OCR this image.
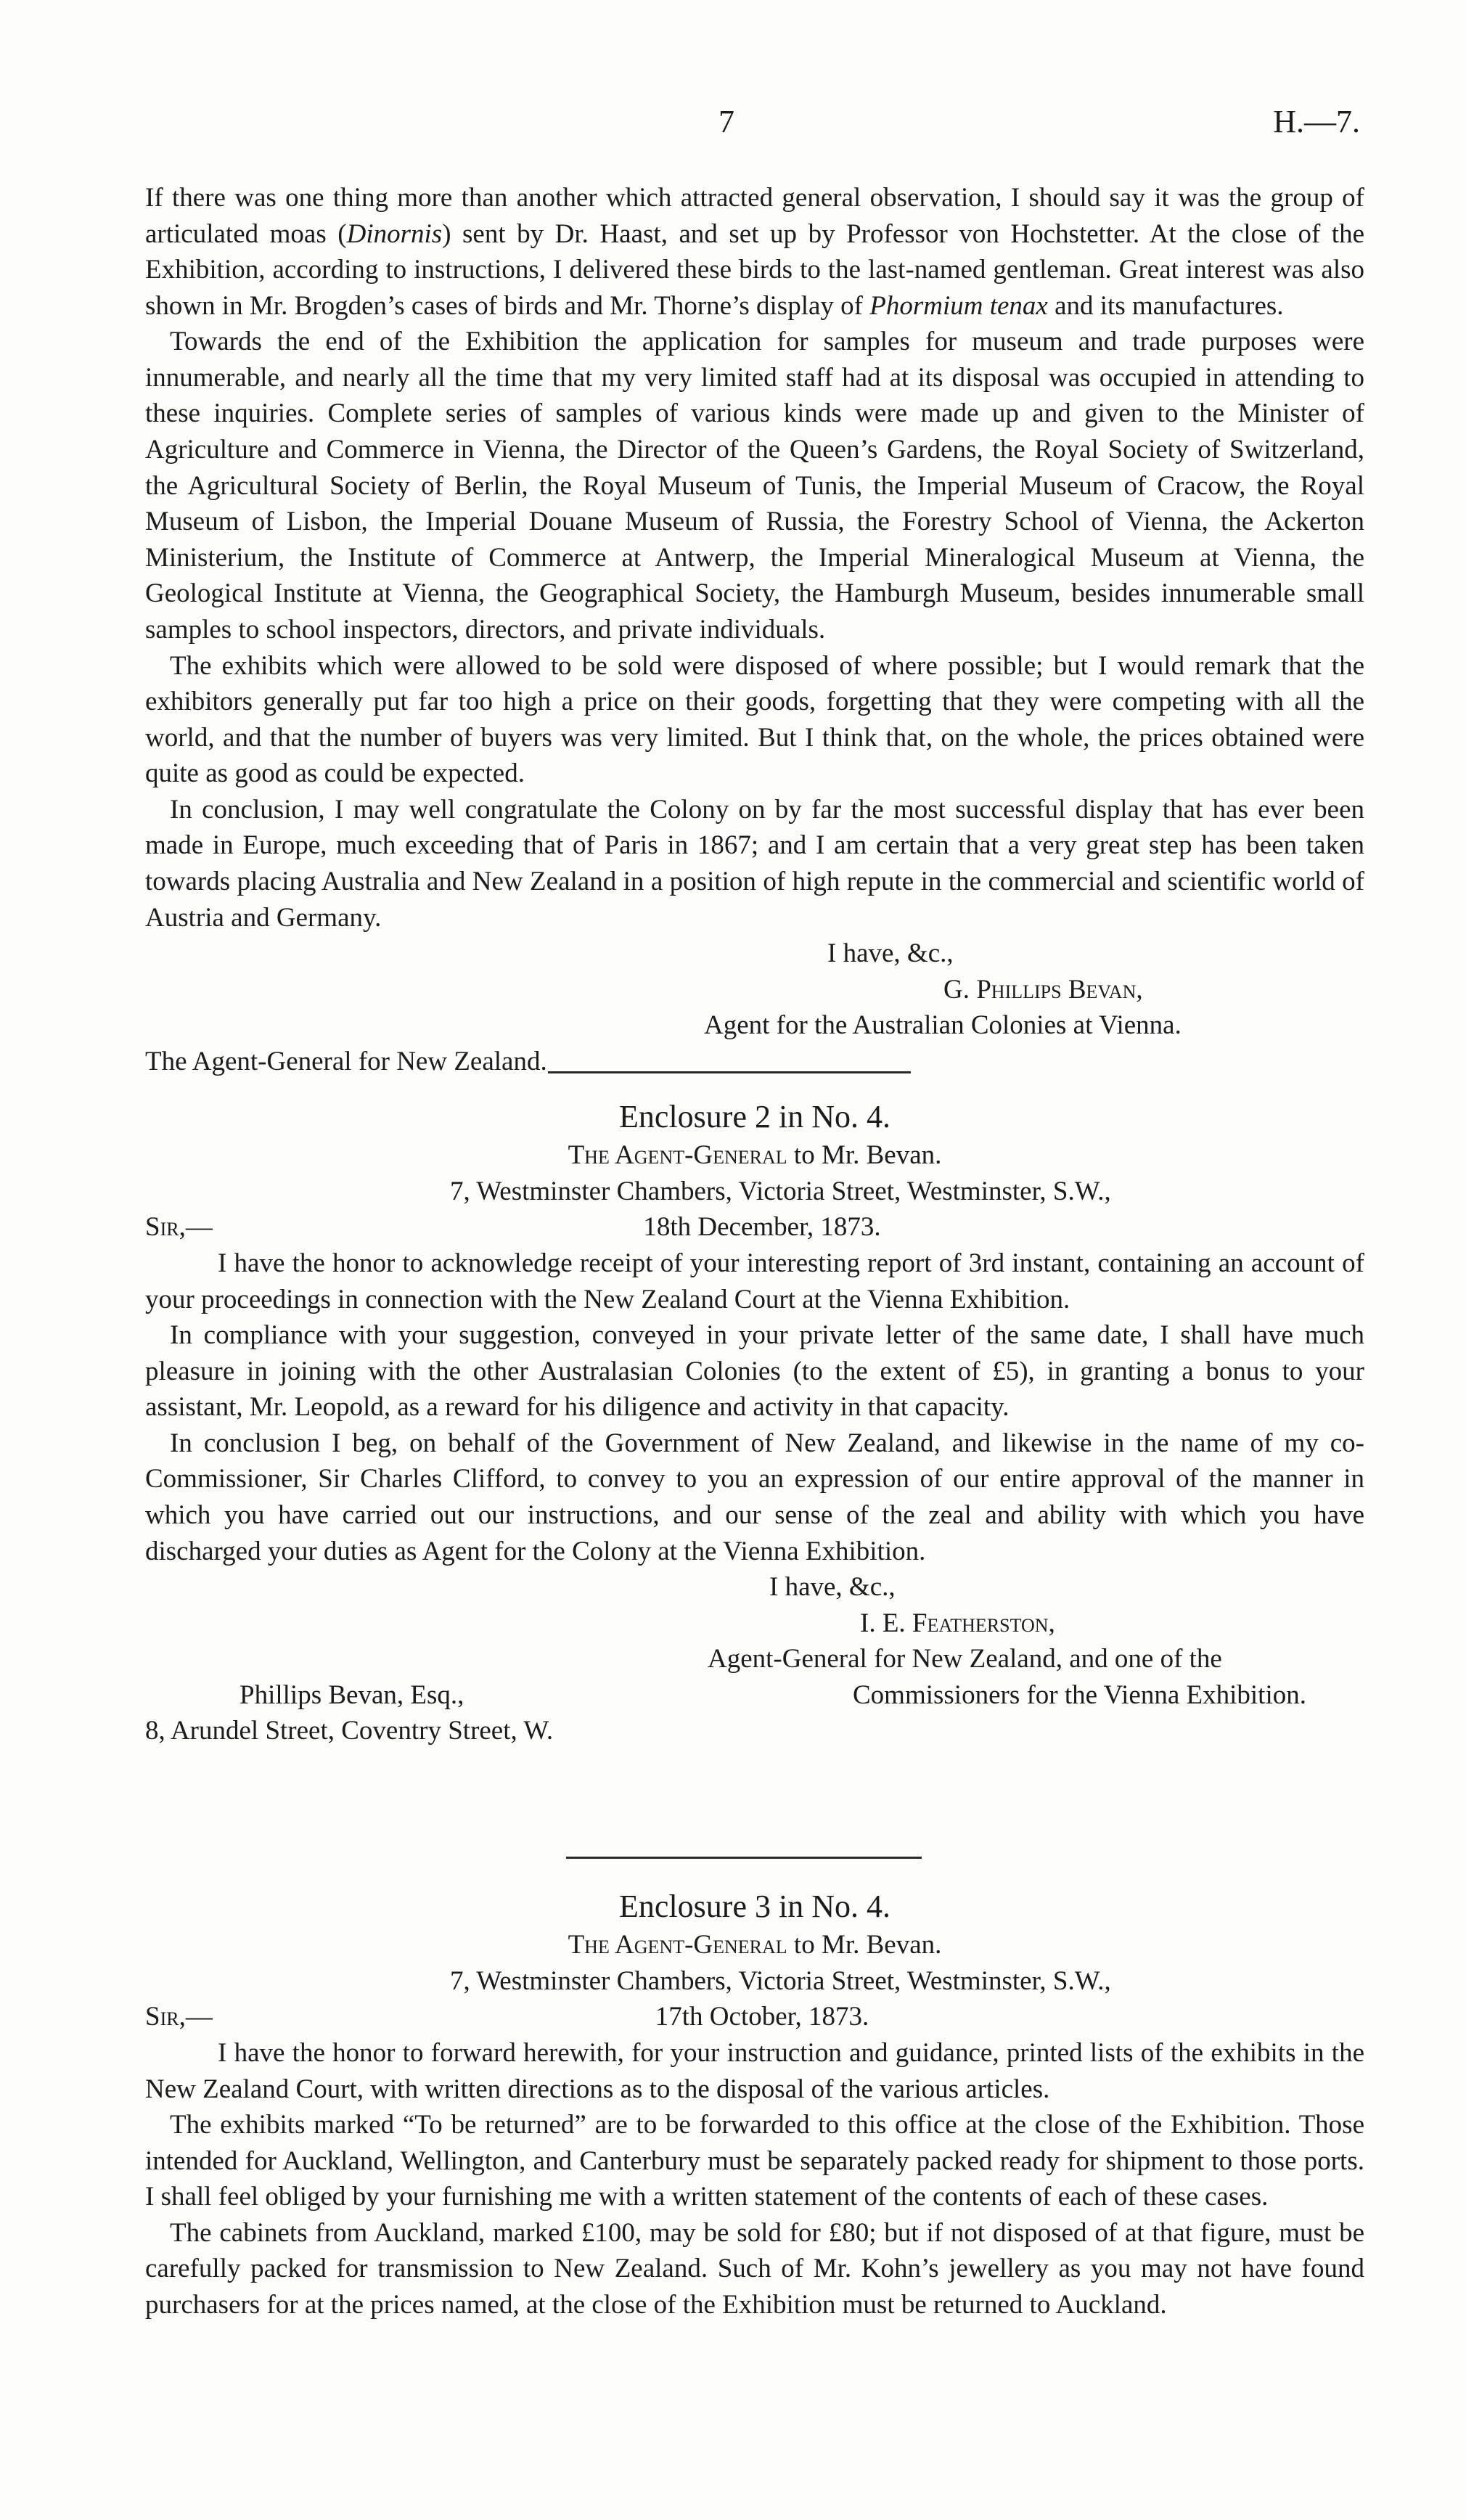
7	H.—7.

If there was one thing more than another which attracted general observation, I should say it was the group of articulated moas (Dinornis) sent by Dr. Haast, and set up by Professor von Hochstetter. At the close of the Exhibition, according to instructions, I delivered these birds to the last-named gentleman. Great interest was also shown in Mr. Brogden’s cases of birds and Mr. Thorne’s display of Phormium tenax and its manufactures.

Towards the end of the Exhibition the application for samples for museum and trade purposes were innumerable, and nearly all the time that my very limited staff had at its disposal was occupied in attending to these inquiries. Complete series of samples of various kinds were made up and given to the Minister of Agriculture and Commerce in Vienna, the Director of the Queen’s Gardens, the Royal Society of Switzerland, the Agricultural Society of Berlin, the Royal Museum of Tunis, the Imperial Museum of Cracow, the Royal Museum of Lisbon, the Imperial Douane Museum of Russia, the Forestry School of Vienna, the Ackerton Ministerium, the Institute of Commerce at Antwerp, the Imperial Mineralogical Museum at Vienna, the Geological Institute at Vienna, the Geographical Society, the Hamburgh Museum, besides innumerable small samples to school inspectors, directors, and private individuals.

The exhibits which were allowed to be sold were disposed of where possible; but I would remark that the exhibitors generally put far too high a price on their goods, forgetting that they were competing with all the world, and that the number of buyers was very limited. But I think that, on the whole, the prices obtained were quite as good as could be expected.

In conclusion, I may well congratulate the Colony on by far the most successful display that has ever been made in Europe, much exceeding that of Paris in 1867; and I am certain that a very great step has been taken towards placing Australia and New Zealand in a position of high repute in the commercial and scientific world of Austria and Germany.

I have, &c.,
G. Phillips Bevan,
Agent for the Australian Colonies at Vienna.
The Agent-General for New Zealand.
Enclosure 2 in No. 4.
The Agent-General to Mr. Bevan.
7, Westminster Chambers, Victoria Street, Westminster, S.W.,
Sir,—	18th December, 1873.

I have the honor to acknowledge receipt of your interesting report of 3rd instant, containing an account of your proceedings in connection with the New Zealand Court at the Vienna Exhibition.

In compliance with your suggestion, conveyed in your private letter of the same date, I shall have much pleasure in joining with the other Australasian Colonies (to the extent of £5), in granting a bonus to your assistant, Mr. Leopold, as a reward for his diligence and activity in that capacity.

In conclusion I beg, on behalf of the Government of New Zealand, and likewise in the name of my co-Commissioner, Sir Charles Clifford, to convey to you an expression of our entire approval of the manner in which you have carried out our instructions, and our sense of the zeal and ability with which you have discharged your duties as Agent for the Colony at the Vienna Exhibition.

I have, &c.,
I. E. Featherston,
Agent-General for New Zealand, and one of the
Phillips Bevan, Esq.,	Commissioners for the Vienna Exhibition.
8, Arundel Street, Coventry Street, W.
Enclosure 3 in No. 4.
The Agent-General to Mr. Bevan.
7, Westminster Chambers, Victoria Street, Westminster, S.W.,
Sir,—	17th October, 1873.

I have the honor to forward herewith, for your instruction and guidance, printed lists of the exhibits in the New Zealand Court, with written directions as to the disposal of the various articles.

The exhibits marked “To be returned” are to be forwarded to this office at the close of the Exhibition. Those intended for Auckland, Wellington, and Canterbury must be separately packed ready for shipment to those ports. I shall feel obliged by your furnishing me with a written statement of the contents of each of these cases.

The cabinets from Auckland, marked £100, may be sold for £80; but if not disposed of at that figure, must be carefully packed for transmission to New Zealand. Such of Mr. Kohn’s jewellery as you may not have found purchasers for at the prices named, at the close of the Exhibition must be returned to Auckland.
